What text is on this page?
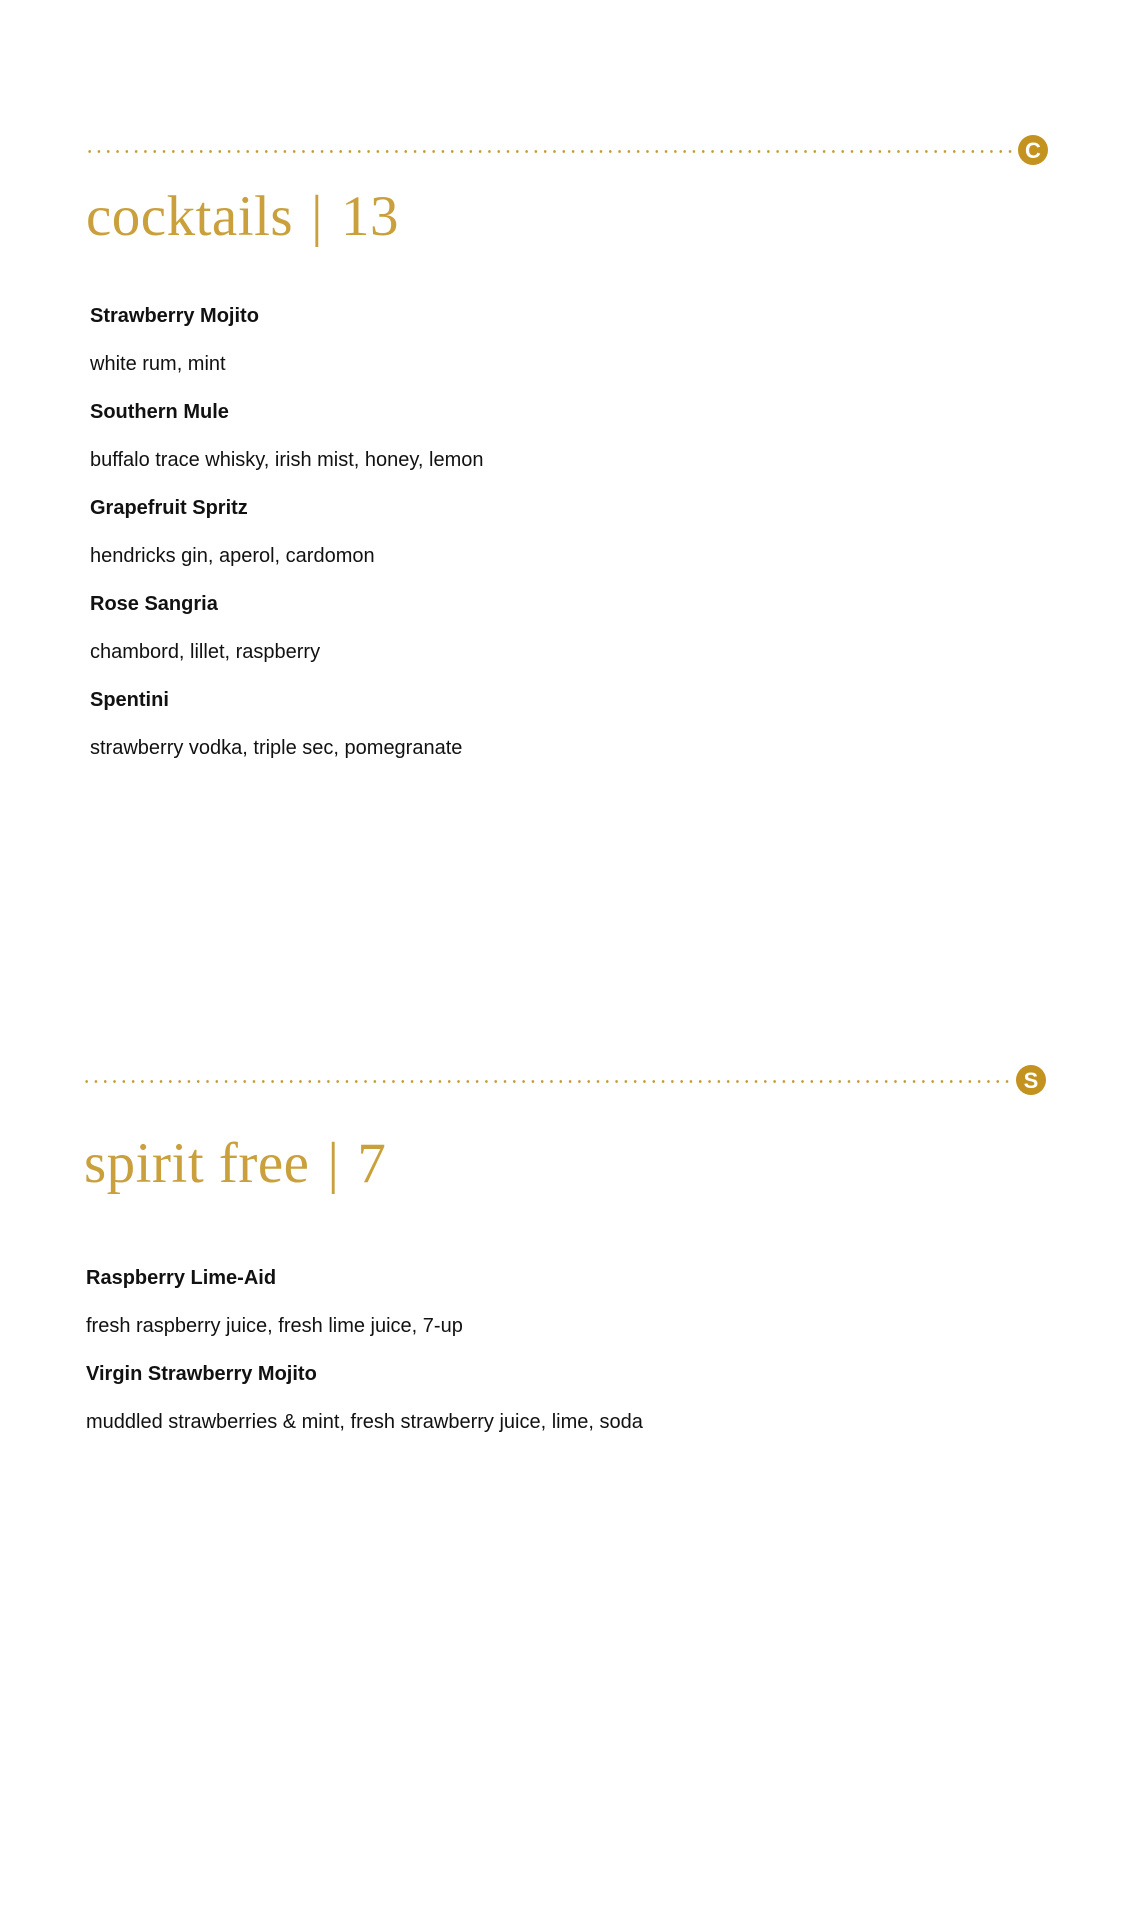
C
cocktails | 13
Strawberry Mojito
white rum, mint
Southern Mule
buffalo trace whisky, irish mist, honey, lemon
Grapefruit Spritz
hendricks gin, aperol, cardomon
Rose Sangria
chambord, lillet, raspberry
Spentini
strawberry vodka, triple sec, pomegranate
S
spirit free | 7
Raspberry Lime-Aid
fresh raspberry juice, fresh lime juice, 7-up
Virgin Strawberry Mojito
muddled strawberries & mint, fresh strawberry juice, lime, soda
